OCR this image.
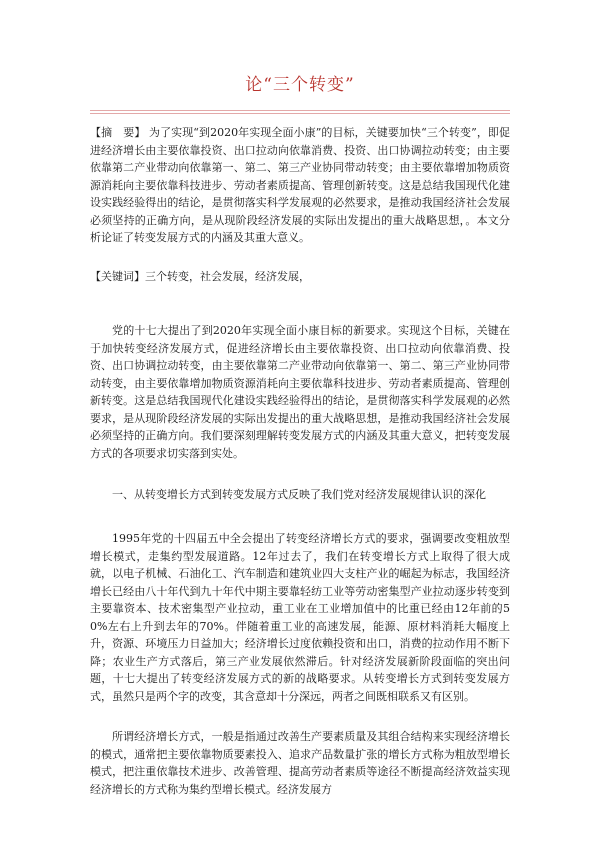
论“三个转变”
【摘　要】 为了实现“到2020年实现全面小康”的目标，关键要加快“三个转变”，即促进经济增长由主要依靠投资、出口拉动向依靠消费、投资、出口协调拉动转变；由主要依靠第二产业带动向依靠第一、第二、第三产业协同带动转变；由主要依靠增加物质资源消耗向主要依靠科技进步、劳动者素质提高、管理创新转变。这是总结我国现代化建设实践经验得出的结论，是贯彻落实科学发展观的必然要求，是推动我国经济社会发展必须坚持的正确方向，是从现阶段经济发展的实际出发提出的重大战略思想，。本文分析论证了转变发展方式的内涵及其重大意义。
【关键词】三个转变，社会发展，经济发展，
党的十七大提出了到2020年实现全面小康目标的新要求。实现这个目标，关键在于加快转变经济发展方式，促进经济增长由主要依靠投资、出口拉动向依靠消费、投资、出口协调拉动转变，由主要依靠第二产业带动向依靠第一、第二、第三产业协同带动转变，由主要依靠增加物质资源消耗向主要依靠科技进步、劳动者素质提高、管理创新转变。这是总结我国现代化建设实践经验得出的结论，是贯彻落实科学发展观的必然要求，是从现阶段经济发展的实际出发提出的重大战略思想，是推动我国经济社会发展必须坚持的正确方向。我们要深刻理解转变发展方式的内涵及其重大意义，把转变发展方式的各项要求切实落到实处。
一、从转变增长方式到转变发展方式反映了我们党对经济发展规律认识的深化
1995年党的十四届五中全会提出了转变经济增长方式的要求，强调要改变粗放型增长模式，走集约型发展道路。12年过去了，我们在转变增长方式上取得了很大成就，以电子机械、石油化工、汽车制造和建筑业四大支柱产业的崛起为标志，我国经济增长已经由八十年代到九十年代中期主要靠轻纺工业等劳动密集型产业拉动逐步转变到主要靠资本、技术密集型产业拉动，重工业在工业增加值中的比重已经由12年前的50%左右上升到去年的70%。伴随着重工业的高速发展，能源、原材料消耗大幅度上升，资源、环境压力日益加大；经济增长过度依赖投资和出口，消费的拉动作用不断下降；农业生产方式落后，第三产业发展依然滞后。针对经济发展新阶段面临的突出问题，十七大提出了转变经济发展方式的新的战略要求。从转变增长方式到转变发展方式，虽然只是两个字的改变，其含意却十分深远，两者之间既相联系又有区别。
所谓经济增长方式，一般是指通过改善生产要素质量及其组合结构来实现经济增长的模式，通常把主要依靠物质要素投入、追求产品数量扩张的增长方式称为粗放型增长模式，把注重依靠技术进步、改善管理、提高劳动者素质等途径不断提高经济效益实现经济增长的方式称为集约型增长模式。经济发展方
